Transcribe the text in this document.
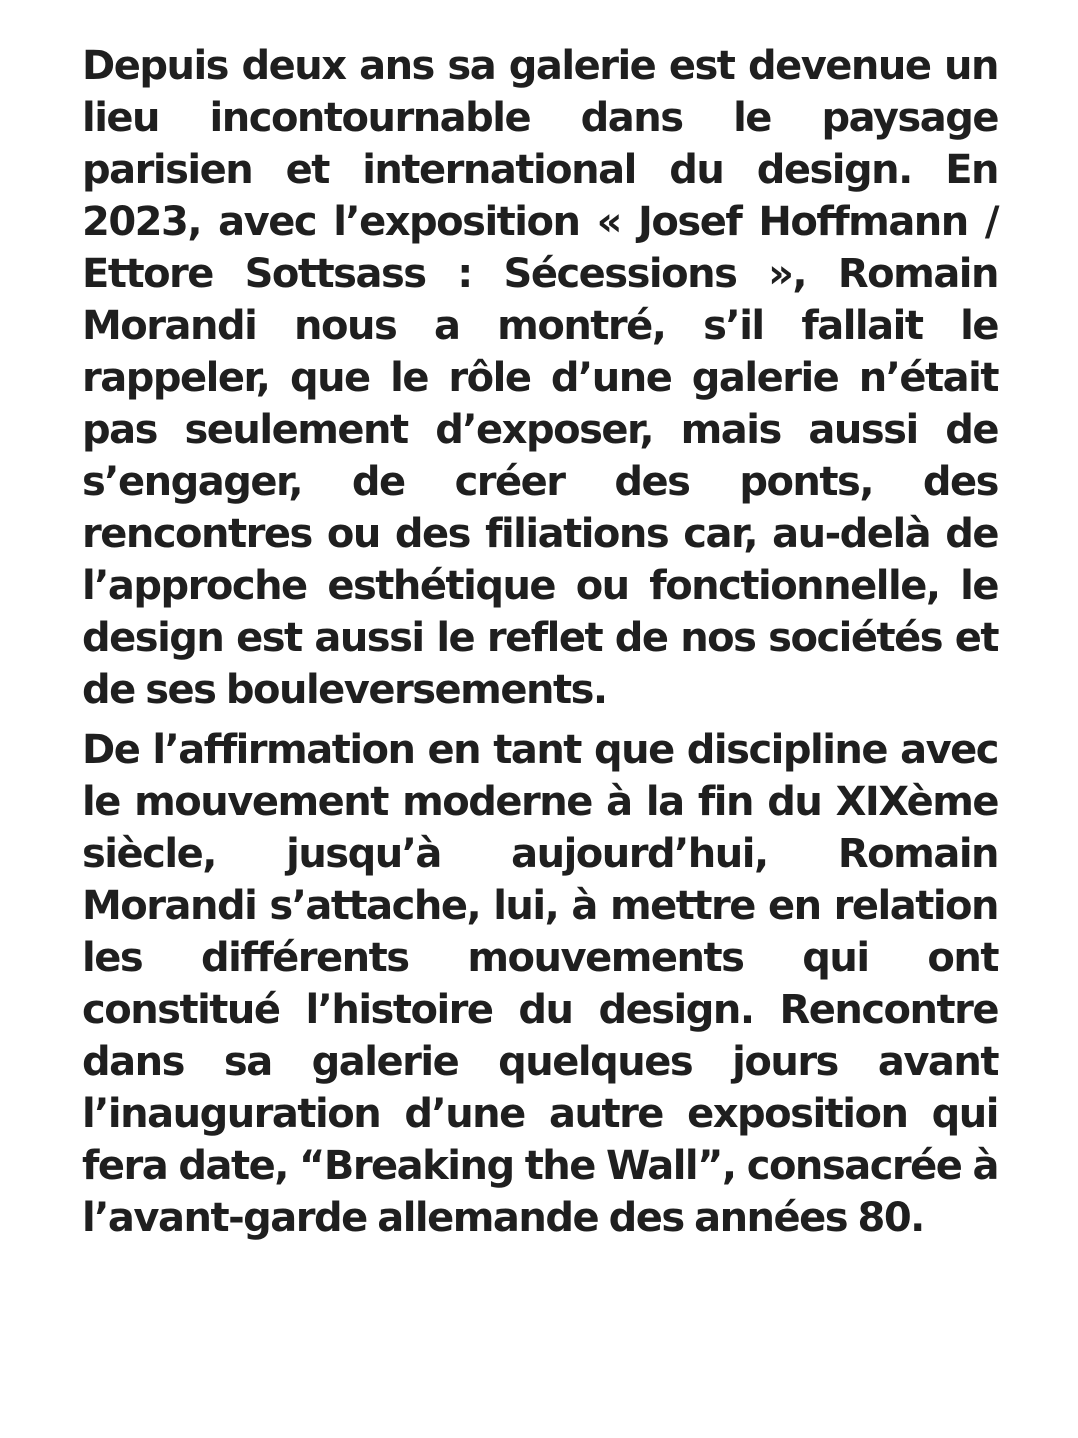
Depuis deux ans sa galerie est devenue un lieu incontournable dans le paysage parisien et international du design. En 2023, avec l’exposition « Josef Hoffmann / Ettore Sottsass : Sécessions », Romain Morandi nous a montré, s’il fallait le rappeler, que le rôle d’une galerie n’était pas seulement d’exposer, mais aussi de s’engager, de créer des ponts, des rencontres ou des filiations car, au-delà de l’approche esthétique ou fonctionnelle, le design est aussi le reflet de nos sociétés et de ses bouleversements.

De l’affirmation en tant que discipline avec le mouvement moderne à la fin du XIXème siècle, jusqu’à aujourd’hui, Romain Morandi s’attache, lui, à mettre en relation les différents mouvements qui ont constitué l’histoire du design. Rencontre dans sa galerie quelques jours avant l’inauguration d’une autre exposition qui fera date, “Breaking the Wall”, consacrée à l’avant-garde allemande des années 80.
